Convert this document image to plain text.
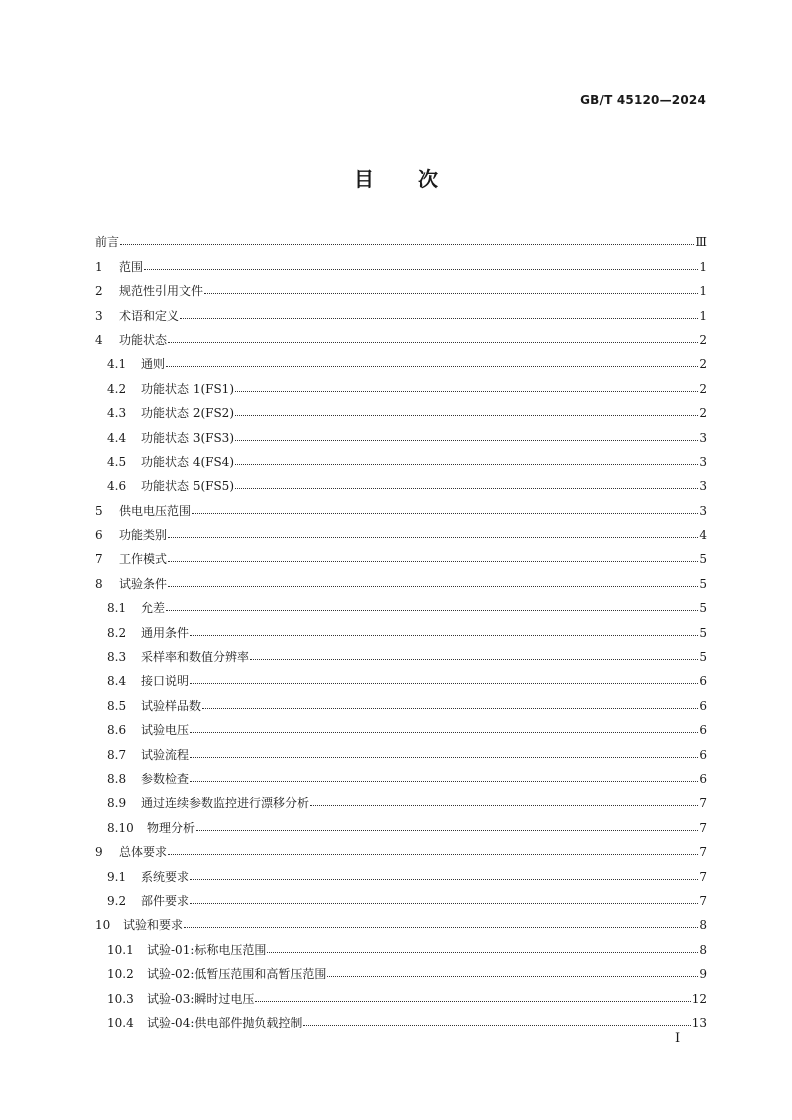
GB/T 45120—2024
目 次
前言	Ⅲ
1	范围	1
2	规范性引用文件	1
3	术语和定义	1
4	功能状态	2
4.1	通则	2
4.2	功能状态 1(FS1)	2
4.3	功能状态 2(FS2)	2
4.4	功能状态 3(FS3)	3
4.5	功能状态 4(FS4)	3
4.6	功能状态 5(FS5)	3
5	供电电压范围	3
6	功能类别	4
7	工作模式	5
8	试验条件	5
8.1	允差	5
8.2	通用条件	5
8.3	采样率和数值分辨率	5
8.4	接口说明	6
8.5	试验样品数	6
8.6	试验电压	6
8.7	试验流程	6
8.8	参数检查	6
8.9	通过连续参数监控进行漂移分析	7
8.10	物理分析	7
9	总体要求	7
9.1	系统要求	7
9.2	部件要求	7
10	试验和要求	8
10.1	试验-01:标称电压范围	8
10.2	试验-02:低暂压范围和高暂压范围	9
10.3	试验-03:瞬时过电压	12
10.4	试验-04:供电部件抛负载控制	13
I
